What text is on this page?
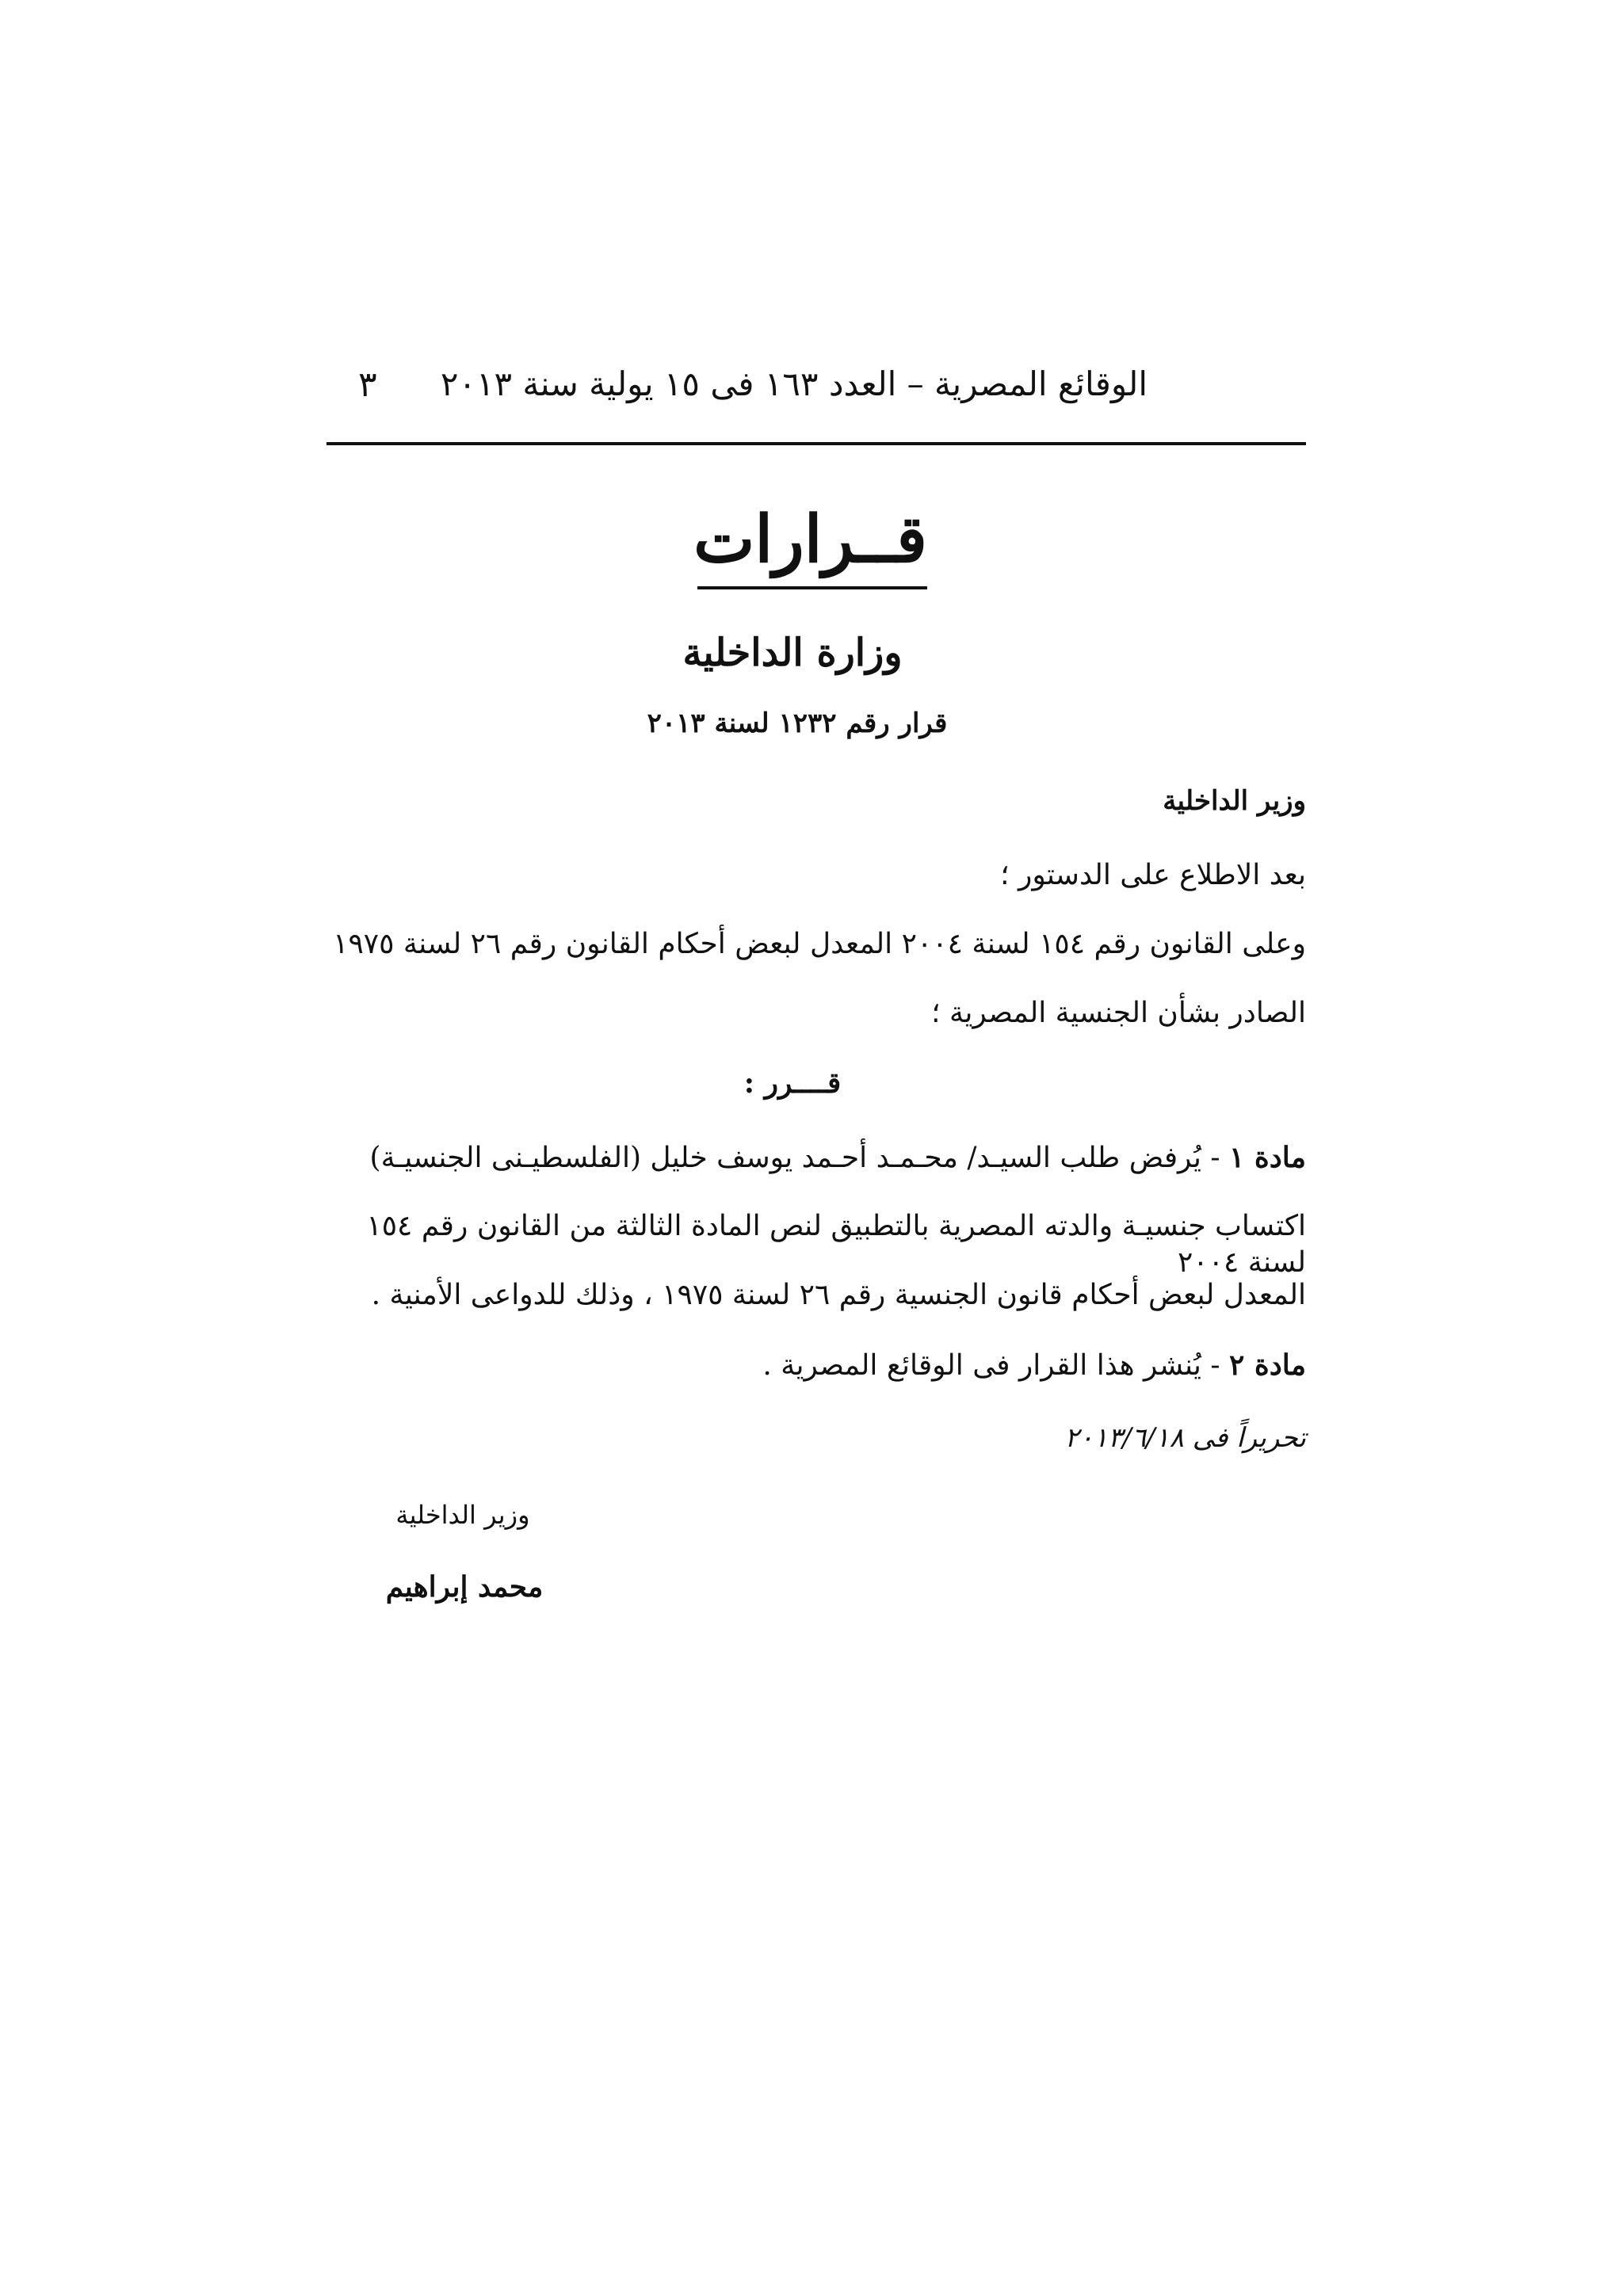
الوقائع المصرية – العدد ١٦٣ فى ١٥ يولية سنة ٢٠١٣
٣
قــرارات
وزارة الداخلية
قرار رقم ١٢٣٢ لسنة ٢٠١٣
وزير الداخلية
بعد الاطلاع على الدستور ؛
وعلى القانون رقم ١٥٤ لسنة ٢٠٠٤ المعدل لبعض أحكام القانون رقم ٢٦ لسنة ١٩٧٥
الصادر بشأن الجنسية المصرية ؛
قــــرر :

مادة ١ - يُرفض طلب السيـد/ محـمـد أحـمد يوسف خليل (الفلسطيـنى الجنسيـة)

اكتساب جنسيـة والدته المصرية بالتطبيق لنص المادة الثالثة من القانون رقم ١٥٤ لسنة ٢٠٠٤
المعدل لبعض أحكام قانون الجنسية رقم ٢٦ لسنة ١٩٧٥ ، وذلك للدواعى الأمنية .

مادة ٢ - يُنشر هذا القرار فى الوقائع المصرية .

تحريراً فى ٢٠١٣/٦/١٨
وزير الداخلية
محمد إبراهيم
